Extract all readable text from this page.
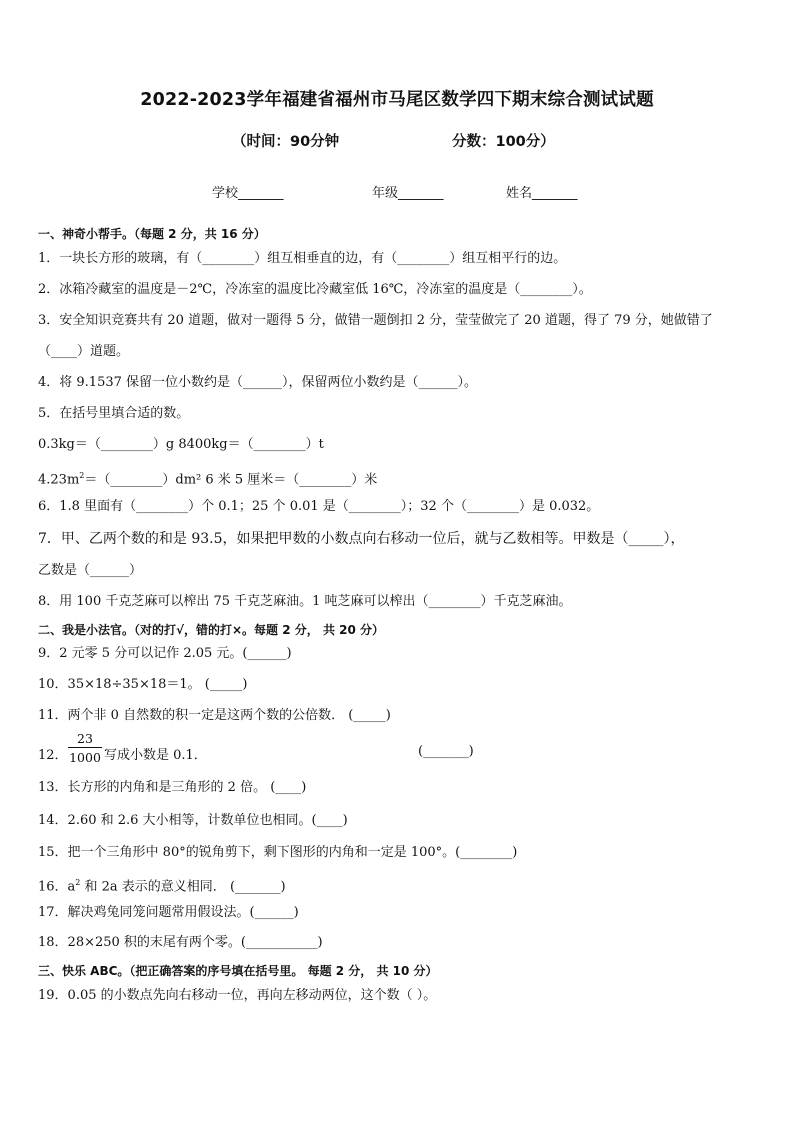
2022-2023学年福建省福州市马尾区数学四下期末综合测试试题
（时间：90分钟	分数：100分）
学校_______	年级_______	姓名_______
一、神奇小帮手。（每题 2 分，共 16 分）
1．一块长方形的玻璃，有（________）组互相垂直的边，有（________）组互相平行的边。
2．冰箱冷藏室的温度是－2℃，冷冻室的温度比冷藏室低 16℃，冷冻室的温度是（________）。
3．安全知识竞赛共有 20 道题，做对一题得 5 分，做错一题倒扣 2 分，莹莹做完了 20 道题，得了 79 分，她做错了
（____）道题。
4．将 9.1537 保留一位小数约是（______），保留两位小数约是（______）。
5．在括号里填合适的数。
0.3kg＝（________）g 8400kg＝（________）t
$4.23m^2=(\_\_\_\_\_\_\_\_)dm^2$ 6 米 5 厘米＝（________）米
6．1.8 里面有（________）个 0.1；25 个 0.01 是（________）；32 个（________）是 0.032。
7．甲、乙两个数的和是 93.5，如果把甲数的小数点向右移动一位后，就与乙数相等。甲数是（_____），
乙数是（______）
8．用 100 千克芝麻可以榨出 75 千克芝麻油。1 吨芝麻可以榨出（________）千克芝麻油。
二、我是小法官。（对的打√，错的打×。每题 2 分， 共 20 分）
9．2 元零 5 分可以记作 2.05 元。(______)
10．35×18÷35×18＝1。 (_____)
11．两个非 0 自然数的积一定是这两个数的公倍数． (_____)
12． $\frac{23}{1000}$ 写成小数是 0.1．	(_______)
13．长方形的内角和是三角形的 2 倍。 (____)
14．2.60 和 2.6 大小相等，计数单位也相同。(____)
15．把一个三角形中 80°的锐角剪下，剩下图形的内角和一定是 100°。(________)
16．$a^2$ 和 2a 表示的意义相同． (_______)
17．解决鸡兔同笼问题常用假设法。(______)
18．28×250 积的末尾有两个零。(___________)
三、快乐 ABC。（把正确答案的序号填在括号里。 每题 2 分， 共 10 分）
19．0.05 的小数点先向右移动一位，再向左移动两位，这个数（ ）。
